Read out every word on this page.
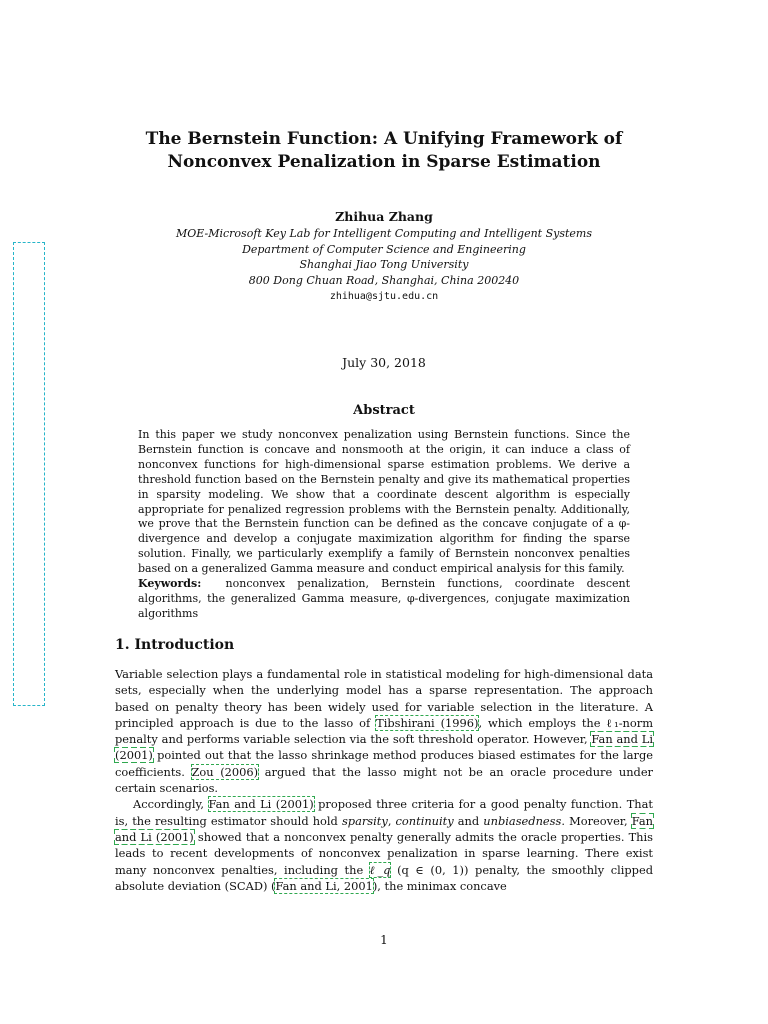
The Bernstein Function: A Unifying Framework of
Nonconvex Penalization in Sparse Estimation
Zhihua Zhang
MOE-Microsoft Key Lab for Intelligent Computing and Intelligent Systems
Department of Computer Science and Engineering
Shanghai Jiao Tong University
800 Dong Chuan Road, Shanghai, China 200240
zhihua@sjtu.edu.cn
July 30, 2018
Abstract
In this paper we study nonconvex penalization using Bernstein functions. Since the Bernstein function is concave and nonsmooth at the origin, it can induce a class of nonconvex functions for high-dimensional sparse estimation problems. We derive a threshold function based on the Bernstein penalty and give its mathematical properties in sparsity modeling. We show that a coordinate descent algorithm is especially appropriate for penalized regression problems with the Bernstein penalty. Additionally, we prove that the Bernstein function can be defined as the concave conjugate of a φ-divergence and develop a conjugate maximization algorithm for finding the sparse solution. Finally, we particularly exemplify a family of Bernstein nonconvex penalties based on a generalized Gamma measure and conduct empirical analysis for this family.
Keywords: nonconvex penalization, Bernstein functions, coordinate descent algorithms, the generalized Gamma measure, φ-divergences, conjugate maximization algorithms
1. Introduction

Variable selection plays a fundamental role in statistical modeling for high-dimensional data sets, especially when the underlying model has a sparse representation. The approach based on penalty theory has been widely used for variable selection in the literature. A principled approach is due to the lasso of Tibshirani (1996), which employs the ℓ₁-norm penalty and performs variable selection via the soft threshold operator. However, Fan and Li (2001) pointed out that the lasso shrinkage method produces biased estimates for the large coefficients. Zou (2006) argued that the lasso might not be an oracle procedure under certain scenarios.

Accordingly, Fan and Li (2001) proposed three criteria for a good penalty function. That is, the resulting estimator should hold sparsity, continuity and unbiasedness. Moreover, Fan and Li (2001) showed that a nonconvex penalty generally admits the oracle properties. This leads to recent developments of nonconvex penalization in sparse learning. There exist many nonconvex penalties, including the ℓ_q (q ∈ (0, 1)) penalty, the smoothly clipped absolute deviation (SCAD) (Fan and Li, 2001), the minimax concave

1
